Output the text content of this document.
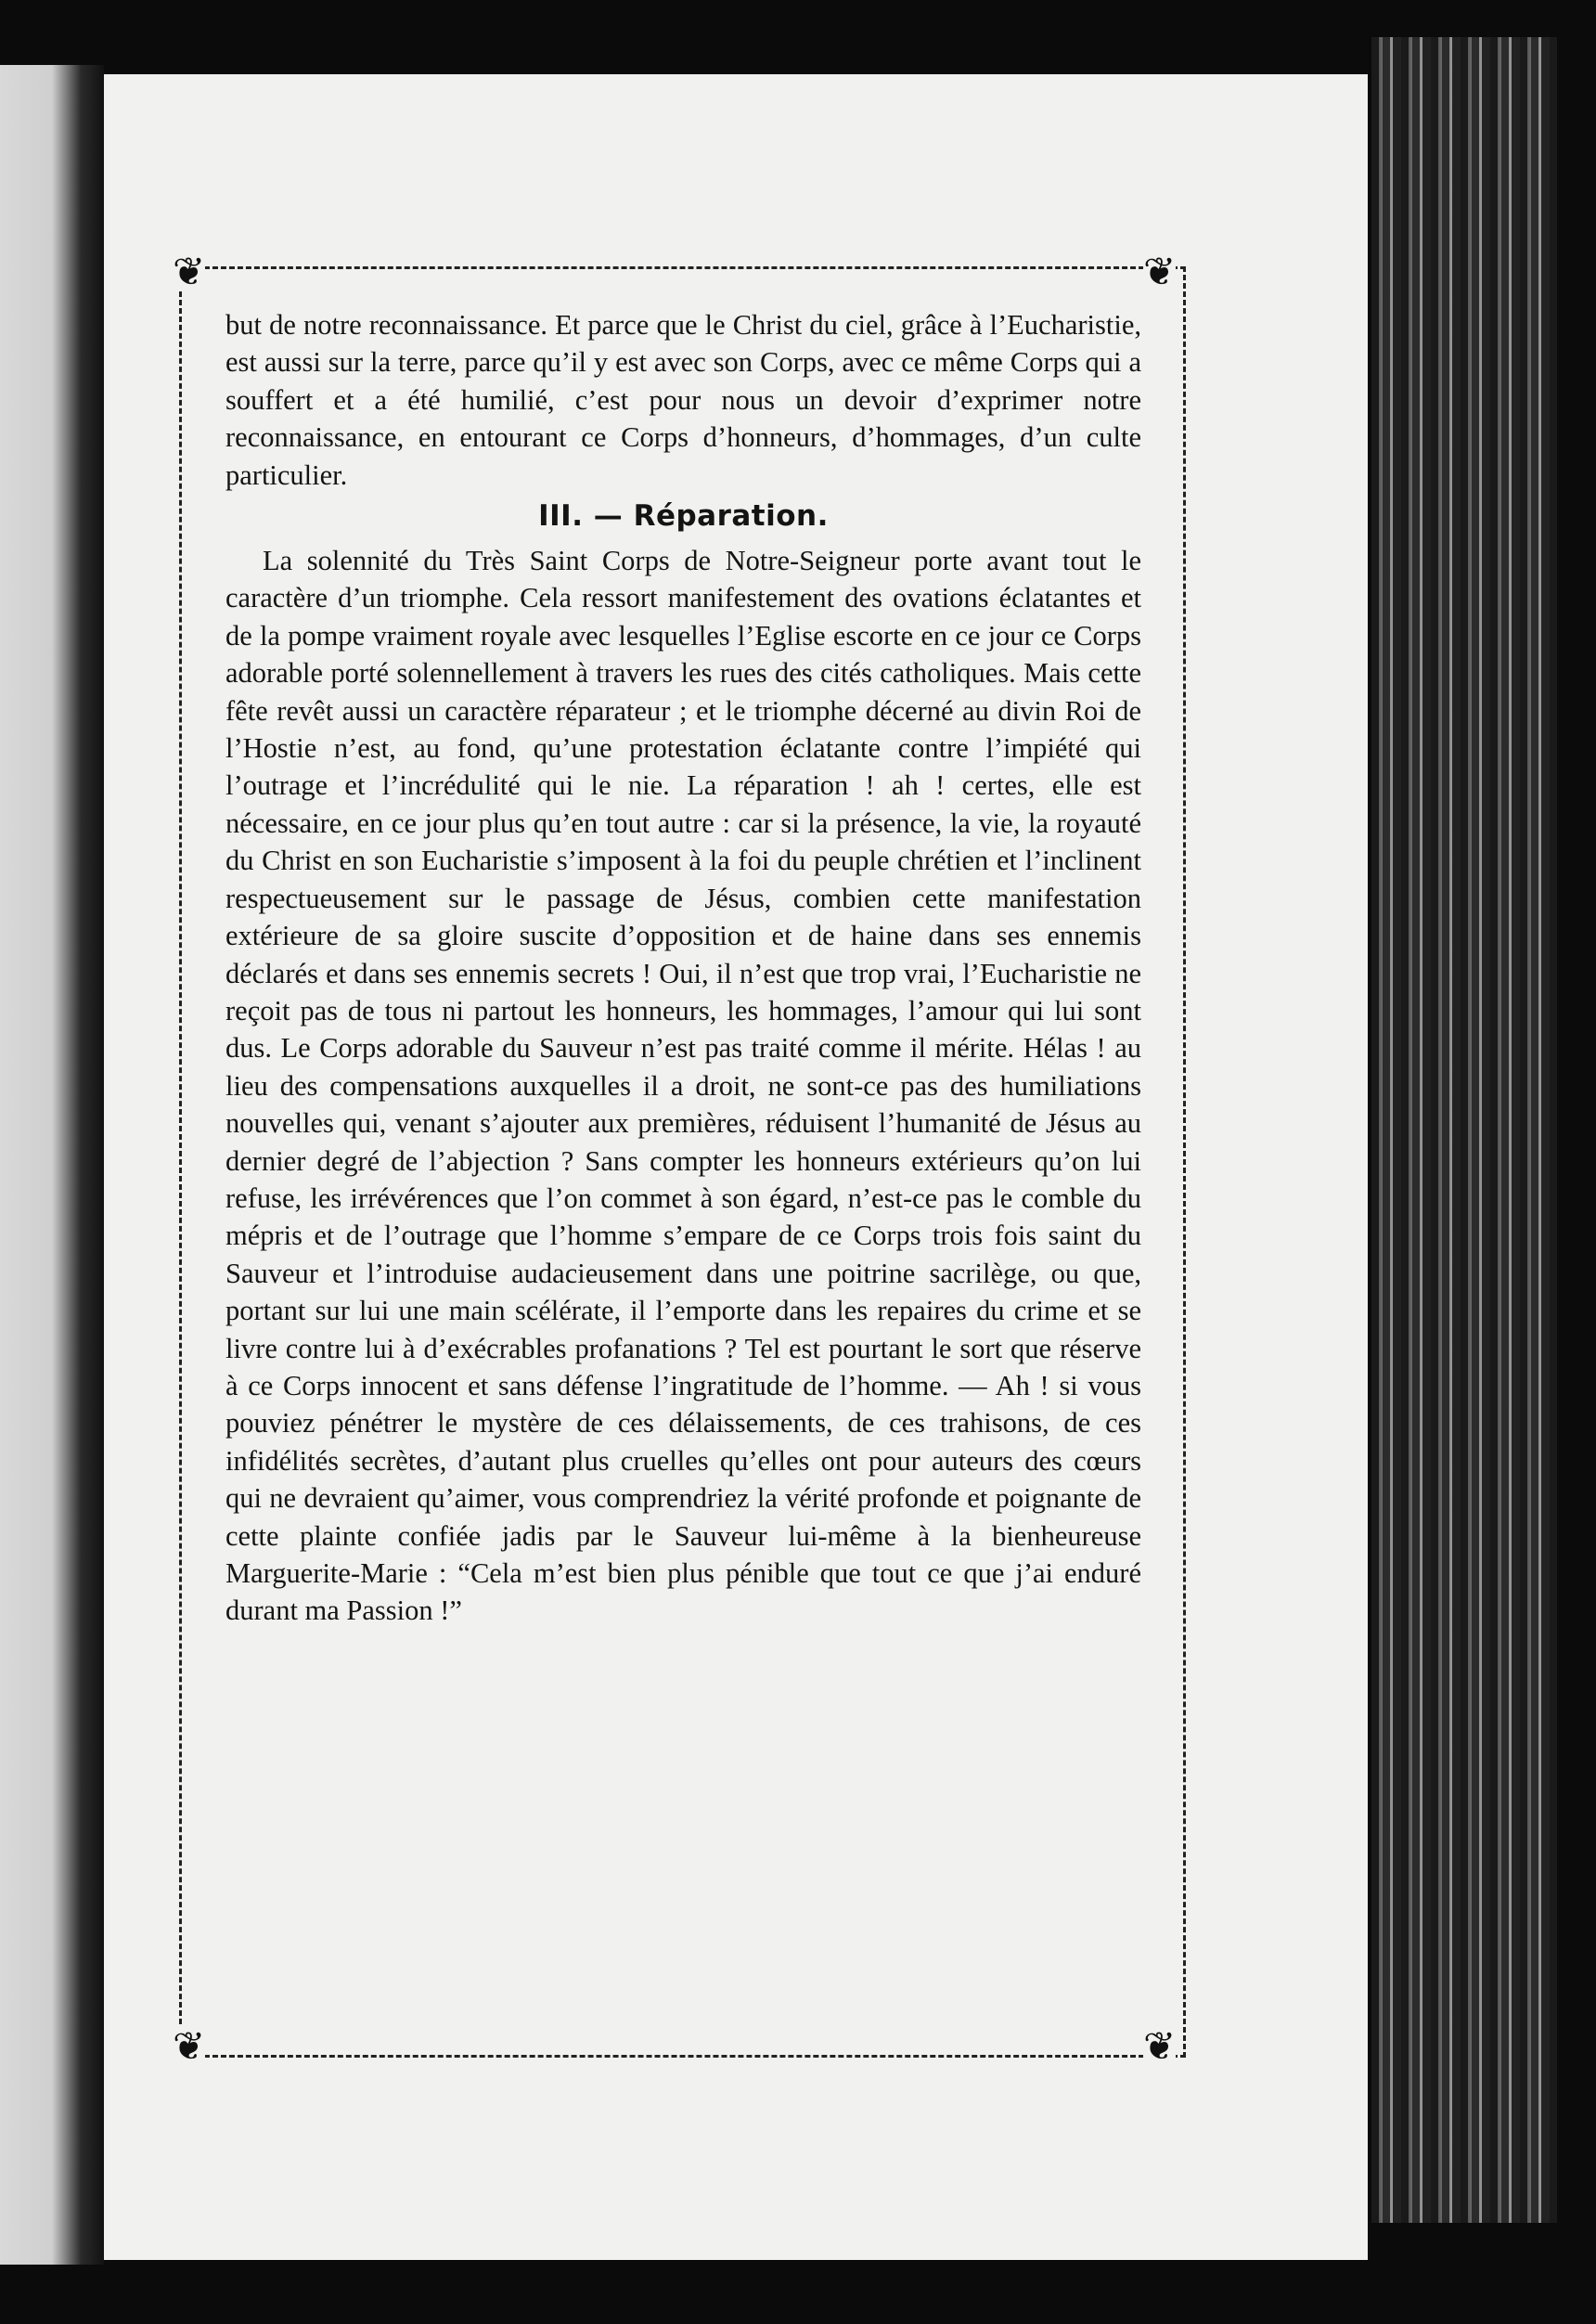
❦	❦
❦	❦

but de notre reconnaissance. Et parce que le Christ du ciel, grâce à l’Eucharistie, est aussi sur la terre, parce qu’il y est avec son Corps, avec ce même Corps qui a souffert et a été humilié, c’est pour nous un devoir d’exprimer notre reconnaissance, en entourant ce Corps d’honneurs, d’hommages, d’un culte particulier.

III. — Réparation.

La solennité du Très Saint Corps de Notre-Seigneur porte avant tout le caractère d’un triomphe. Cela ressort manifestement des ovations éclatantes et de la pompe vraiment royale avec lesquelles l’Eglise escorte en ce jour ce Corps adorable porté solennellement à travers les rues des cités catholiques. Mais cette fête revêt aussi un caractère réparateur ; et le triomphe décerné au divin Roi de l’Hostie n’est, au fond, qu’une protestation éclatante contre l’impiété qui l’outrage et l’incrédulité qui le nie. La réparation ! ah ! certes, elle est nécessaire, en ce jour plus qu’en tout autre : car si la présence, la vie, la royauté du Christ en son Eucharistie s’imposent à la foi du peuple chrétien et l’inclinent respectueusement sur le passage de Jésus, combien cette manifestation extérieure de sa gloire suscite d’opposition et de haine dans ses ennemis déclarés et dans ses ennemis secrets ! Oui, il n’est que trop vrai, l’Eucharistie ne reçoit pas de tous ni partout les honneurs, les hommages, l’amour qui lui sont dus. Le Corps adorable du Sauveur n’est pas traité comme il mérite. Hélas ! au lieu des compensations auxquelles il a droit, ne sont-ce pas des humiliations nouvelles qui, venant s’ajouter aux premières, réduisent l’humanité de Jésus au dernier degré de l’abjection ? Sans compter les honneurs extérieurs qu’on lui refuse, les irrévérences que l’on commet à son égard, n’est-ce pas le comble du mépris et de l’outrage que l’homme s’empare de ce Corps trois fois saint du Sauveur et l’introduise audacieusement dans une poitrine sacrilège, ou que, portant sur lui une main scélérate, il l’emporte dans les repaires du crime et se livre contre lui à d’exécrables profanations ? Tel est pourtant le sort que réserve à ce Corps innocent et sans défense l’ingratitude de l’homme. — Ah ! si vous pouviez pénétrer le mystère de ces délaissements, de ces trahisons, de ces infidélités secrètes, d’autant plus cruelles qu’elles ont pour auteurs des cœurs qui ne devraient qu’aimer, vous comprendriez la vérité profonde et poignante de cette plainte confiée jadis par le Sauveur lui-même à la bienheureuse Marguerite-Marie : “Cela m’est bien plus pénible que tout ce que j’ai enduré durant ma Passion !”
